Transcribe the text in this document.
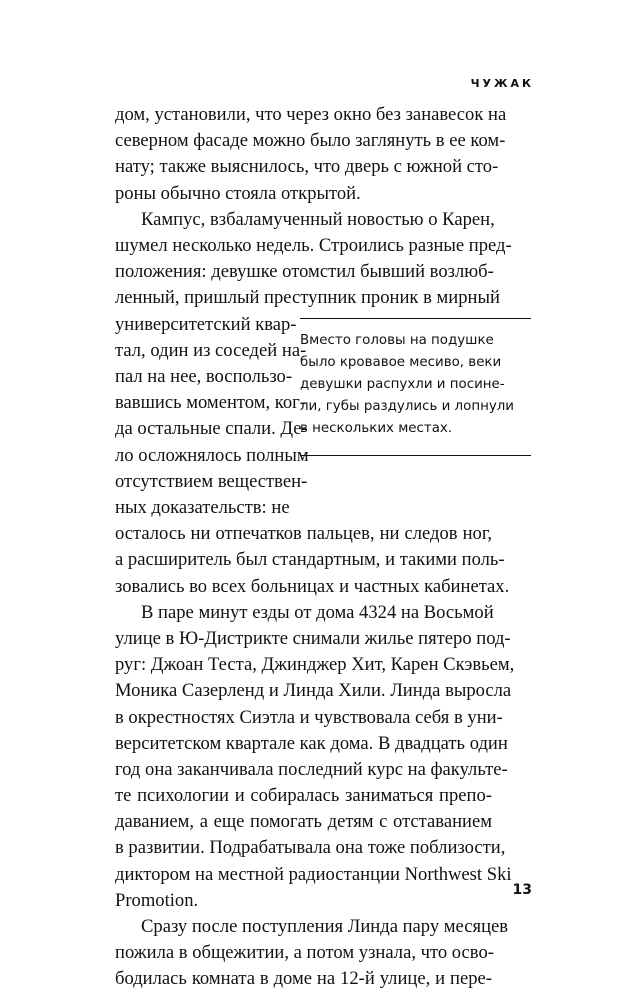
ЧУЖАК
дом, установили, что через окно без занавесок на
северном фасаде можно было заглянуть в ее ком-
нату; также выяснилось, что дверь с южной сто-
роны обычно стояла открытой.
Кампус, взбаламученный новостью о Карен,
шумел несколько недель. Строились разные пред-
положения: девушке отомстил бывший возлюб-
ленный, пришлый преступник проник в мирный
университетский квар-
тал, один из соседей на-
пал на нее, воспользо-
вавшись моментом, ког-
да остальные спали. Де-
ло осложнялось полным
отсутствием веществен-
ных доказательств: не
Вместо головы на подушке
было кровавое месиво, веки
девушки распухли и посине-
ли, губы раздулись и лопнули
в нескольких местах.
осталось ни отпечатков пальцев, ни следов ног,
а расширитель был стандартным, и такими поль-
зовались во всех больницах и частных кабинетах.
В паре минут езды от дома 4324 на Восьмой
улице в Ю-Дистрикте снимали жилье пятеро под-
руг: Джоан Теста, Джинджер Хит, Карен Скэвьем,
Моника Сазерленд и Линда Хили. Линда выросла
в окрестностях Сиэтла и чувствовала себя в уни-
верситетском квартале как дома. В двадцать один
год она заканчивала последний курс на факульте-
те психологии и собиралась заниматься препо-
даванием, а еще помогать детям с отставанием
в развитии. Подрабатывала она тоже поблизости,
диктором на местной радиостанции Northwest Ski
Promotion.
Сразу после поступления Линда пару месяцев
пожила в общежитии, а потом узнала, что осво-
бодилась комната в доме на 12-й улице, и пере-
13
